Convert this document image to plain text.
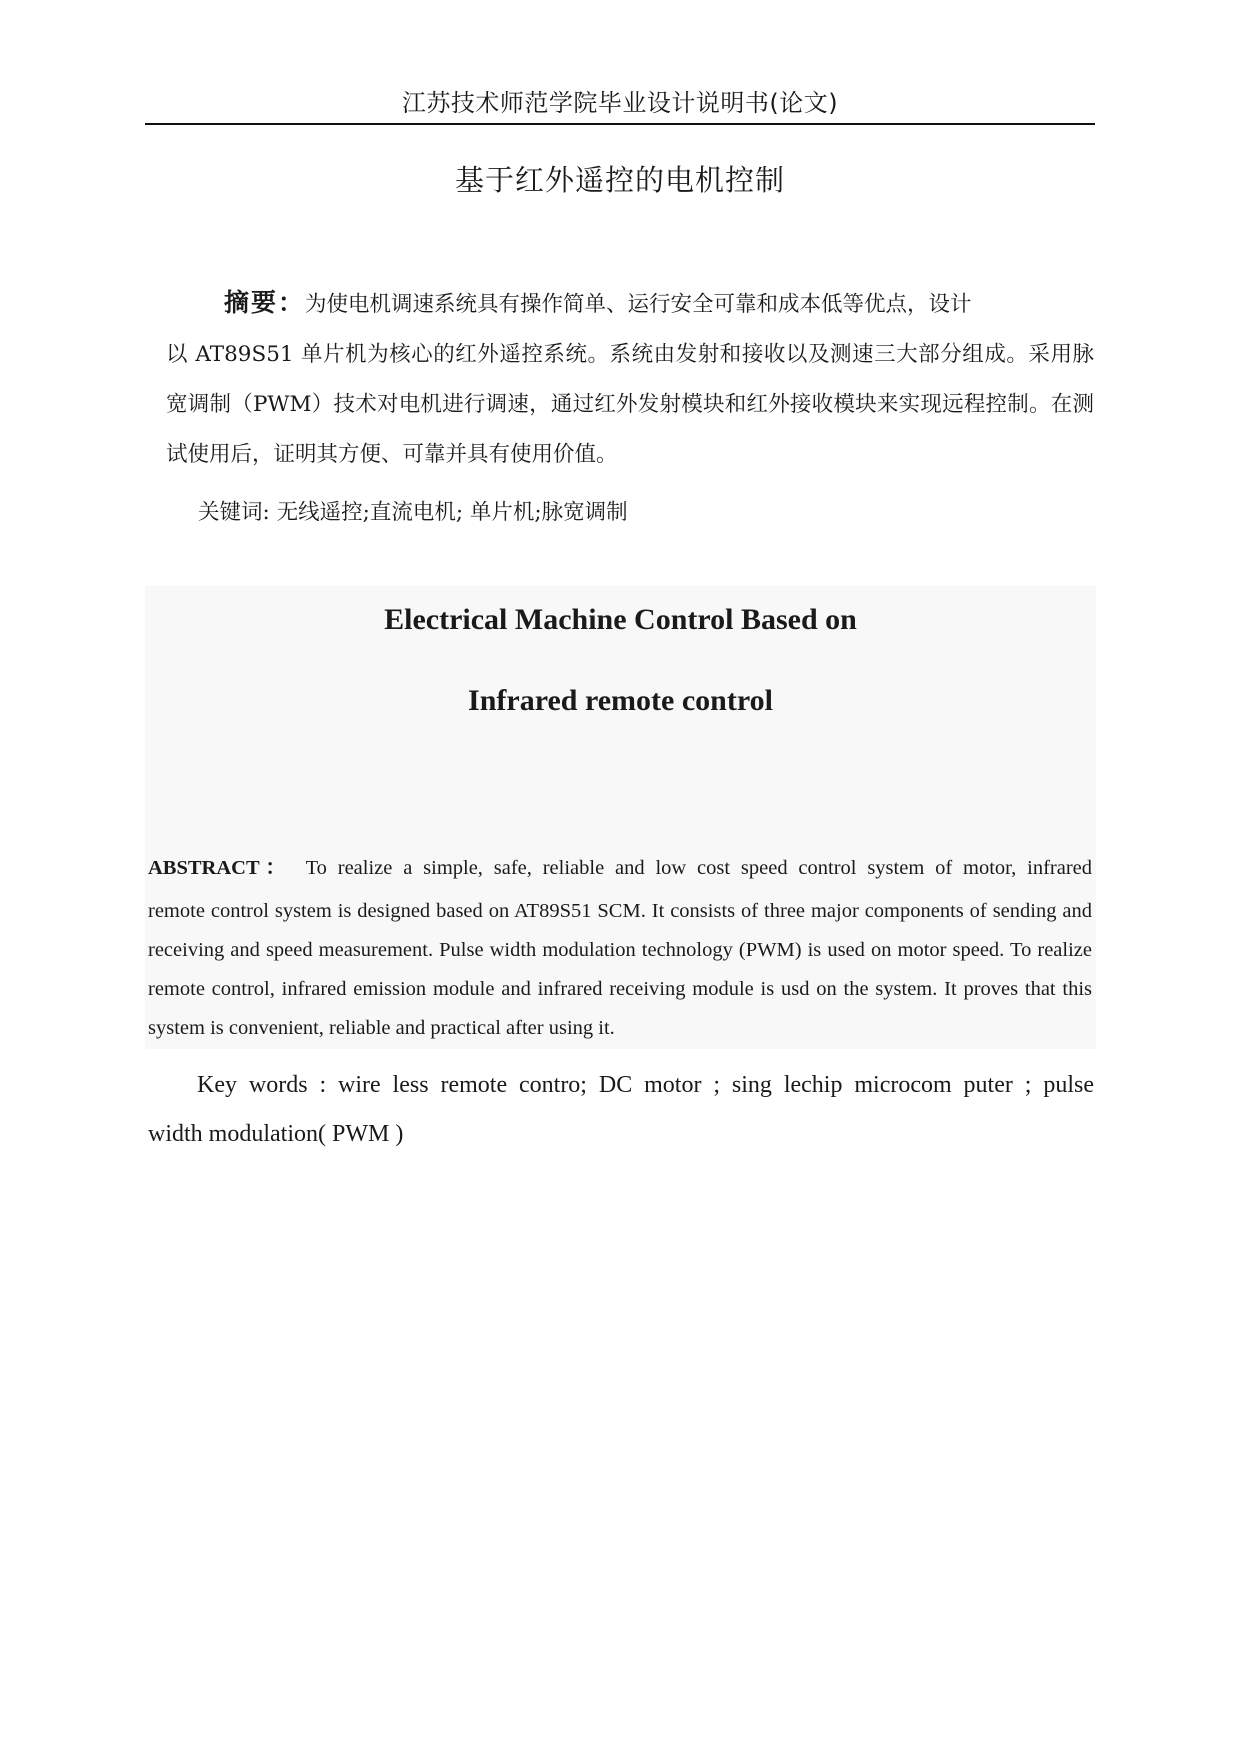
江苏技术师范学院毕业设计说明书(论文)
基于红外遥控的电机控制
摘要：为使电机调速系统具有操作简单、运行安全可靠和成本低等优点，设计
以 AT89S51 单片机为核心的红外遥控系统。系统由发射和接收以及测速三大部分组成。采用脉宽调制（PWM）技术对电机进行调速，通过红外发射模块和红外接收模块来实现远程控制。在测试使用后，证明其方便、可靠并具有使用价值。
关键词: 无线遥控;直流电机; 单片机;脉宽调制
Electrical Machine Control Based on
Infrared remote control
ABSTRACT： To realize a simple, safe, reliable and low cost speed control system of motor, infrared
remote control system is designed based on AT89S51 SCM. It consists of three major components of sending and receiving and speed measurement. Pulse width modulation technology (PWM) is used on motor speed. To realize remote control, infrared emission module and infrared receiving module is usd on the system. It proves that this system is convenient, reliable and practical after using it.
Key words : wire less remote contro; DC motor ; sing lechip microcom puter ; pulse
width modulation( PWM )
